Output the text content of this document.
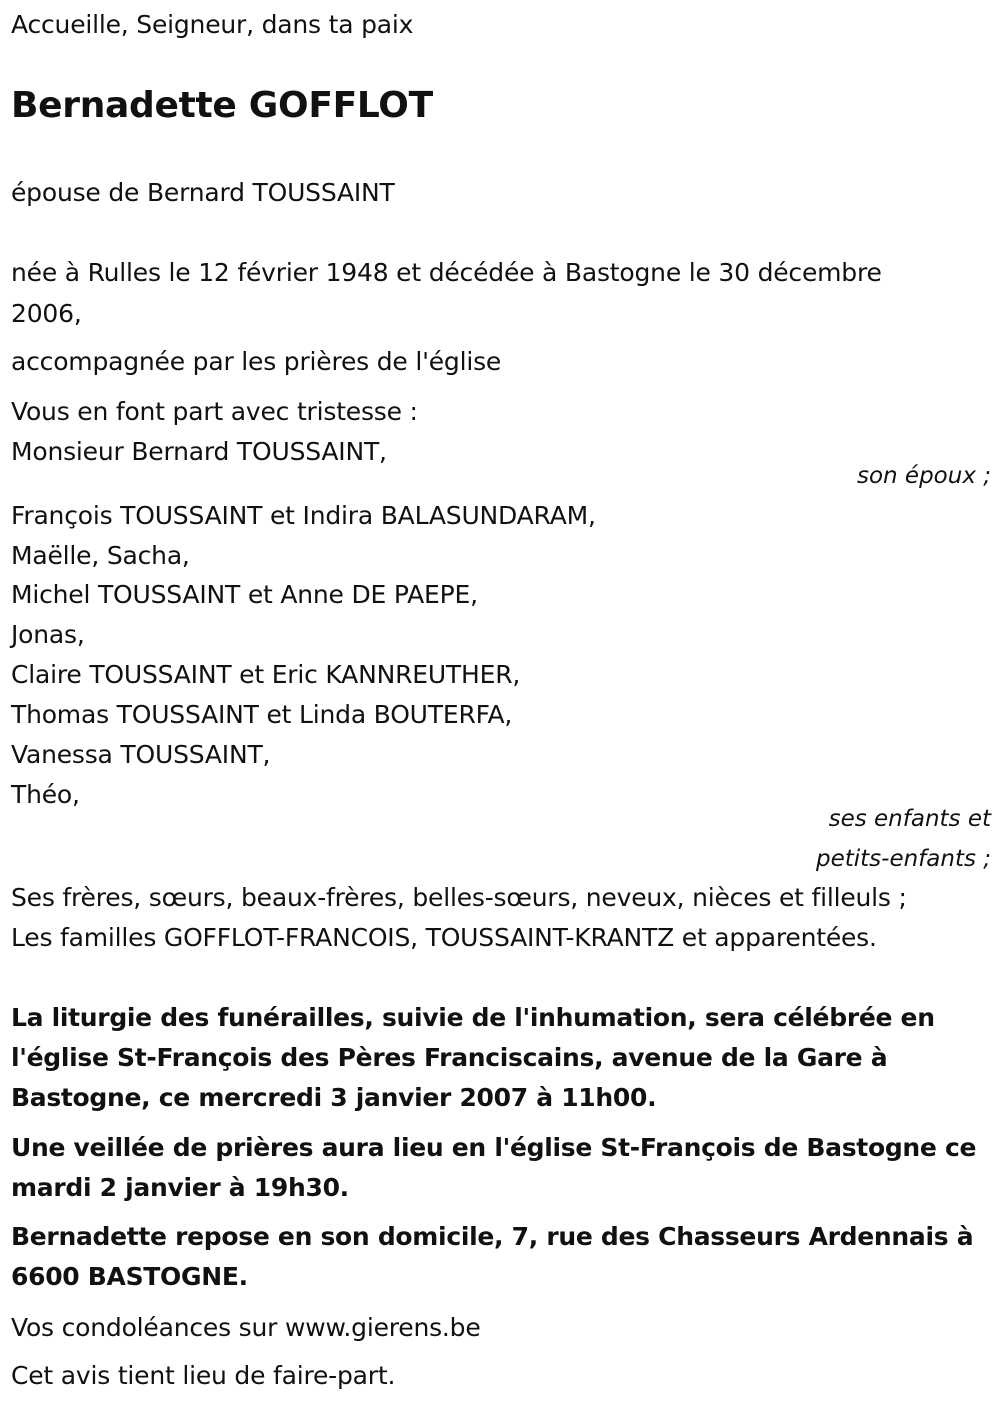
Accueille, Seigneur, dans ta paix
Bernadette GOFFLOT
épouse de Bernard TOUSSAINT
née à Rulles le 12 février 1948 et décédée à Bastogne le 30 décembre
2006,
accompagnée par les prières de l'église
Vous en font part avec tristesse :
Monsieur Bernard TOUSSAINT,
son époux ;
François TOUSSAINT et Indira BALASUNDARAM,
Maëlle, Sacha,
Michel TOUSSAINT et Anne DE PAEPE,
Jonas,
Claire TOUSSAINT et Eric KANNREUTHER,
Thomas TOUSSAINT et Linda BOUTERFA,
Vanessa TOUSSAINT,
Théo,
ses enfants et
petits-enfants ;
Ses frères, sœurs, beaux-frères, belles-sœurs, neveux, nièces et filleuls ;
Les familles GOFFLOT-FRANCOIS, TOUSSAINT-KRANTZ et apparentées.
La liturgie des funérailles, suivie de l'inhumation, sera célébrée en
l'église St-François des Pères Franciscains, avenue de la Gare à
Bastogne, ce mercredi 3 janvier 2007 à 11h00.
Une veillée de prières aura lieu en l'église St-François de Bastogne ce
mardi 2 janvier à 19h30.
Bernadette repose en son domicile, 7, rue des Chasseurs Ardennais à
6600 BASTOGNE.
Vos condoléances sur www.gierens.be
Cet avis tient lieu de faire-part.
